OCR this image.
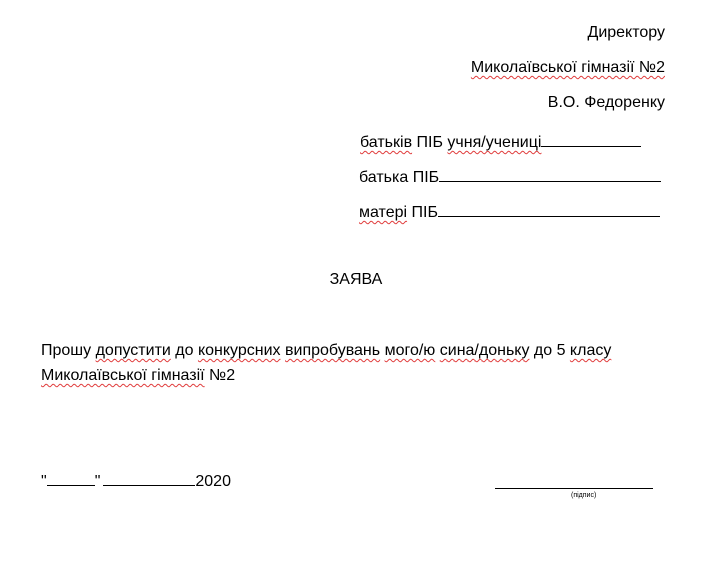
Директору
Миколаївської гімназії №2
В.О. Федоренку
батьків ПІБ учня/учениці
батька ПІБ
матері ПІБ
ЗАЯВА
Прошу допустити до конкурсних випробувань мого/ю сина/доньку до 5 класу
Миколаївської гімназії №2
"	"	2020
(підпис)
